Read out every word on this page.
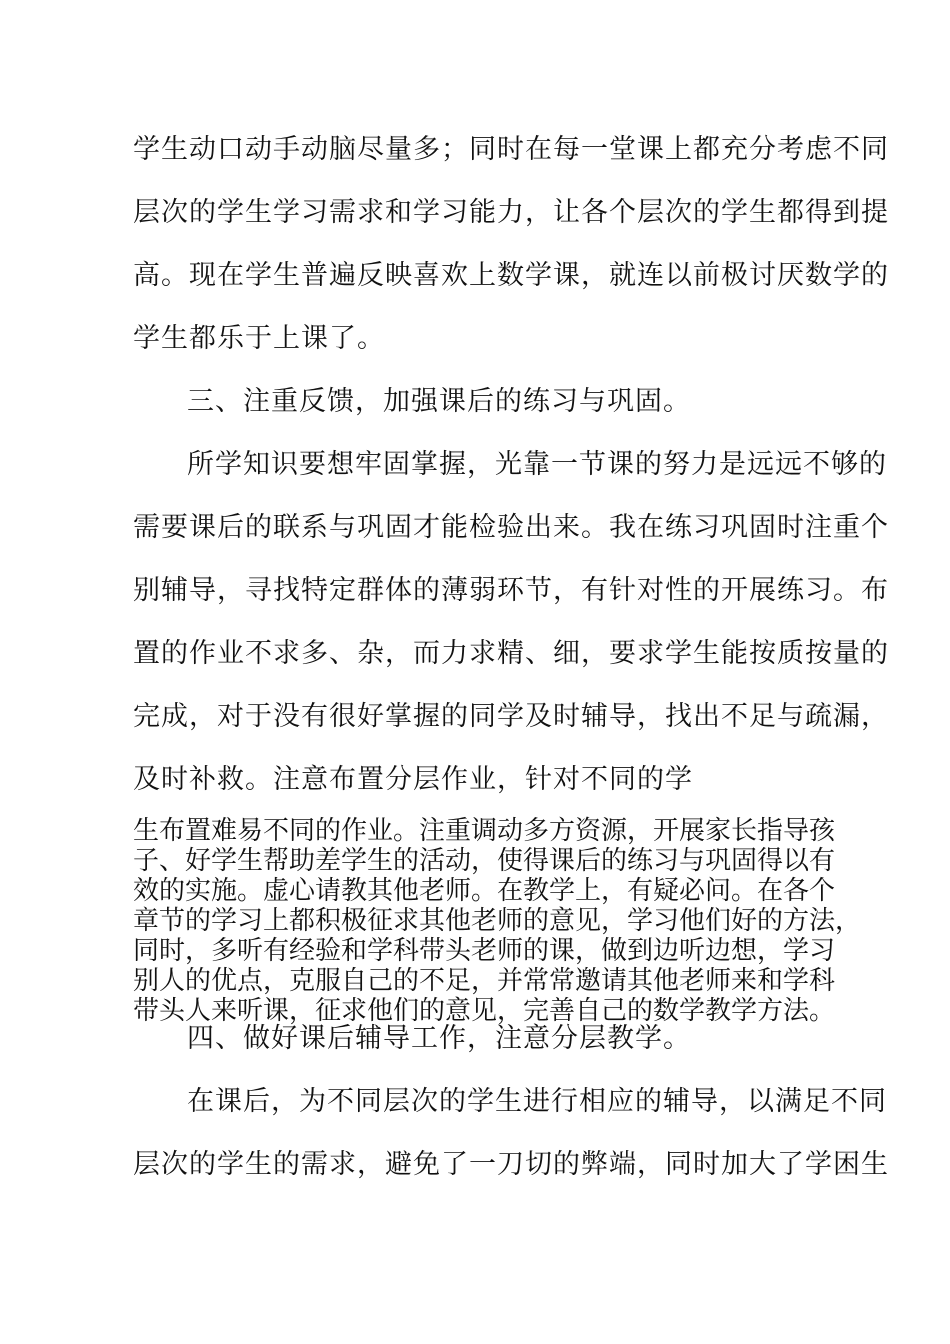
学生动口动手动脑尽量多；同时在每一堂课上都充分考虑不同
层次的学生学习需求和学习能力，让各个层次的学生都得到提
高。现在学生普遍反映喜欢上数学课，就连以前极讨厌数学的
学生都乐于上课了。
三、注重反馈，加强课后的练习与巩固。
所学知识要想牢固掌握，光靠一节课的努力是远远不够的
需要课后的联系与巩固才能检验出来。我在练习巩固时注重个
别辅导，寻找特定群体的薄弱环节，有针对性的开展练习。布
置的作业不求多、杂，而力求精、细，要求学生能按质按量的
完成，对于没有很好掌握的同学及时辅导，找出不足与疏漏，
及时补救。注意布置分层作业，针对不同的学
生布置难易不同的作业。注重调动多方资源，开展家长指导孩
子、好学生帮助差学生的活动，使得课后的练习与巩固得以有
效的实施。虚心请教其他老师。在教学上，有疑必问。在各个
章节的学习上都积极征求其他老师的意见，学习他们好的方法，
同时，多听有经验和学科带头老师的课，做到边听边想，学习
别人的优点，克服自己的不足，并常常邀请其他老师来和学科
带头人来听课，征求他们的意见，完善自己的数学教学方法。
四、做好课后辅导工作，注意分层教学。
在课后，为不同层次的学生进行相应的辅导，以满足不同
层次的学生的需求，避免了一刀切的弊端，同时加大了学困生
